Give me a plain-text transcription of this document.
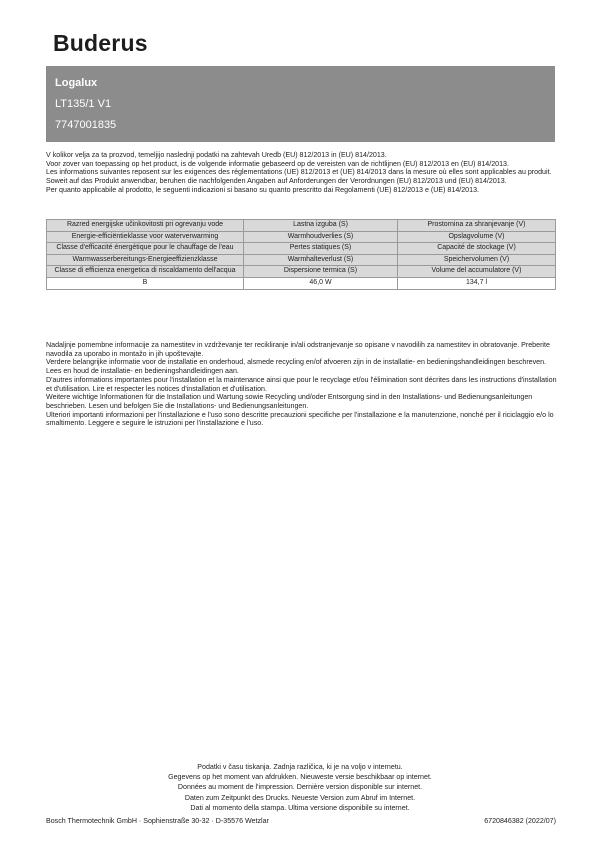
Buderus
Logalux
LT135/1 V1
7747001835

V kolikor velja za ta prozvod, temeljijo naslednji podatki na zahtevah Uredb (EU) 812/2013 in (EU) 814/2013.

Voor zover van toepassing op het product, is de volgende informatie gebaseerd op de vereisten van de richtlijnen (EU) 812/2013 en (EU) 814/2013.

Les informations suivantes reposent sur les exigences des réglementations (UE) 812/2013 et (UE) 814/2013 dans la mesure où elles sont applicables au produit.

Soweit auf das Produkt anwendbar, beruhen die nachfolgenden Angaben auf Anforderungen der Verordnungen (EU) 812/2013 und (EU) 814/2013.

Per quanto applicabile al prodotto, le seguenti indicazioni si basano su quanto prescritto dai Regolamenti (UE) 812/2013 e (UE) 814/2013.

Razred energijske učinkovitosti pri ogrevanju vode	Lastna izguba (S)	Prostornina za shranjevanje (V)
Energie-efficiëntieklasse voor waterverwarming	Warmhoudverlies (S)	Opslagvolume (V)
Classe d'efficacité énergétique pour le chauffage de l'eau	Pertes statiques (S)	Capacité de stockage (V)
Warmwasserbereitungs-Energieeffizienzklasse	Warmhalteverlust (S)	Speichervolumen (V)
Classe di efficienza energetica di riscaldamento dell'acqua	Dispersione termica (S)	Volume del accumulatore (V)
B	46,0 W	134,7 l

Nadaljnje pomembne informacije za namestitev in vzdrževanje ter recikliranje in/ali odstranjevanje so opisane v navodilih za namestitev in obratovanje. Preberite navodila za uporabo in montažo in jih upoštevajte.

Verdere belangrijke informatie voor de installatie en onderhoud, alsmede recycling en/of afvoeren zijn in de installatie- en bedieningshandleidingen beschreven. Lees en houd de installatie- en bedieningshandleidingen aan.

D'autres informations importantes pour l'installation et la maintenance ainsi que pour le recyclage et/ou l'élimination sont décrites dans les instructions d'installation et d'utilisation. Lire et respecter les notices d'installation et d'utilisation.

Weitere wichtige Informationen für die Installation und Wartung sowie Recycling und/oder Entsorgung sind in den Installations- und Bedienungsanleitungen beschrieben. Lesen und befolgen Sie die Installations- und Bedienungsanleitungen.

Ulteriori importanti informazioni per l'installazione e l'uso sono descritte precauzioni specifiche per l'installazione e la manutenzione, nonché per il riciclaggio e/o lo smaltimento. Leggere e seguire le istruzioni per l'installazione e l'uso.

Podatki v času tiskanja. Zadnja različica, ki je na voljo v internetu.
Gegevens op het moment van afdrukken. Nieuweste versie beschikbaar op internet.
Données au moment de l'impression. Dernière version disponible sur internet.
Daten zum Zeitpunkt des Drucks. Neueste Version zum Abruf im Internet.
Dati al momento della stampa. Ultima versione disponibile su internet.
Bosch Thermotechnik GmbH · Sophienstraße 30-32 · D-35576 Wetzlar	6720846382 (2022/07)
